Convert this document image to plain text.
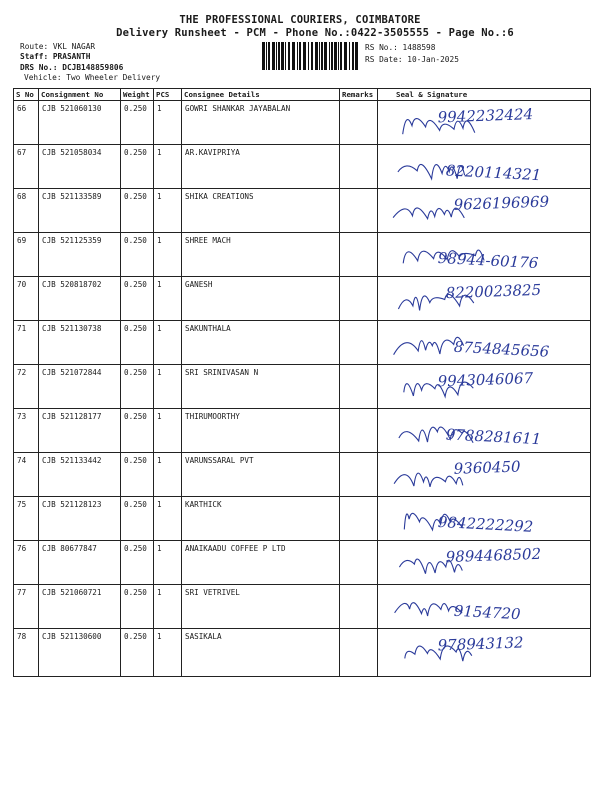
THE PROFESSIONAL COURIERS, COIMBATORE
Delivery Runsheet - PCM - Phone No.:0422-3505555 - Page No.:6
Route: VKL NAGAR
Staff: PRASANTH
DRS No.: DCJB148859806
Vehicle: Two Wheeler Delivery
RS No.: 1488598
RS Date: 10-Jan-2025
S No	Consignment No	Weight	PCS	Consignee Details	Remarks	Seal & Signature
66	CJB 521060130	0.250	1	GOWRI SHANKAR JAYABALAN		9942232424

67	CJB 521058034	0.250	1	AR.KAVIPRIYA		8220114321

68	CJB 521133589	0.250	1	SHIKA CREATIONS		9626196969

69	CJB 521125359	0.250	1	SHREE MACH		98944-60176

70	CJB 520818702	0.250	1	GANESH		8220023825

71	CJB 521130738	0.250	1	SAKUNTHALA		8754845656

72	CJB 521072844	0.250	1	SRI SRINIVASAN N		9943046067

73	CJB 521128177	0.250	1	THIRUMOORTHY		9788281611

74	CJB 521133442	0.250	1	VARUNSSARAL PVT		9360450

75	CJB 521128123	0.250	1	KARTHICK		9842222292

76	CJB 80677847	0.250	1	ANAIKAADU COFFEE P LTD		9894468502

77	CJB 521060721	0.250	1	SRI VETRIVEL		9154720

78	CJB 521130600	0.250	1	SASIKALA		978943132
